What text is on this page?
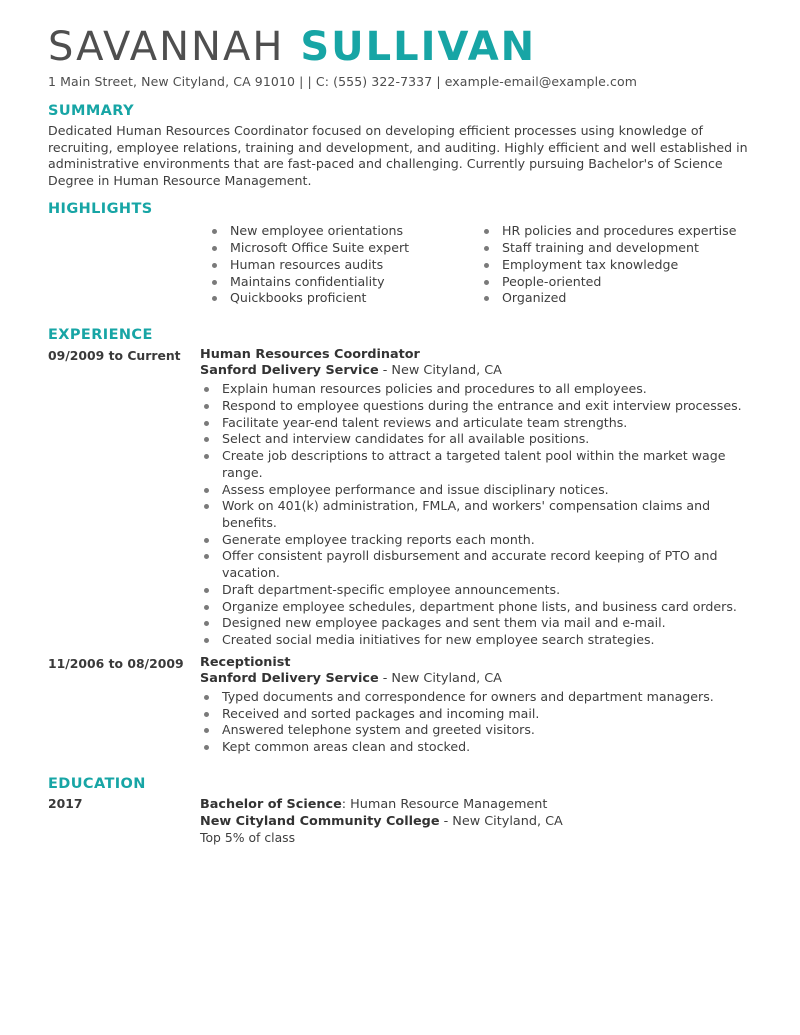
SAVANNAH SULLIVAN
1 Main Street, New Cityland, CA 91010 | | C: (555) 322-7337 | example-email@example.com
SUMMARY

Dedicated Human Resources Coordinator focused on developing efficient processes using knowledge of recruiting, employee relations, training and development, and auditing. Highly efficient and well established in administrative environments that are fast-paced and challenging. Currently pursuing Bachelor's of Science Degree in Human Resource Management.

HIGHLIGHTS
New employee orientations
Microsoft Office Suite expert
Human resources audits
Maintains confidentiality
Quickbooks proficient
HR policies and procedures expertise
Staff training and development
Employment tax knowledge
People-oriented
Organized
EXPERIENCE
09/2009 to Current	Human Resources Coordinator
Sanford Delivery Service - New Cityland, CA
Explain human resources policies and procedures to all employees.
Respond to employee questions during the entrance and exit interview processes.
Facilitate year-end talent reviews and articulate team strengths.
Select and interview candidates for all available positions.
Create job descriptions to attract a targeted talent pool within the market wage range.
Assess employee performance and issue disciplinary notices.
Work on 401(k) administration, FMLA, and workers' compensation claims and benefits.
Generate employee tracking reports each month.
Offer consistent payroll disbursement and accurate record keeping of PTO and vacation.
Draft department-specific employee announcements.
Organize employee schedules, department phone lists, and business card orders.
Designed new employee packages and sent them via mail and e-mail.
Created social media initiatives for new employee search strategies.
11/2006 to 08/2009	Receptionist
Sanford Delivery Service - New Cityland, CA
Typed documents and correspondence for owners and department managers.
Received and sorted packages and incoming mail.
Answered telephone system and greeted visitors.
Kept common areas clean and stocked.
EDUCATION
2017	Bachelor of Science: Human Resource Management
New Cityland Community College - New Cityland, CA
Top 5% of class
